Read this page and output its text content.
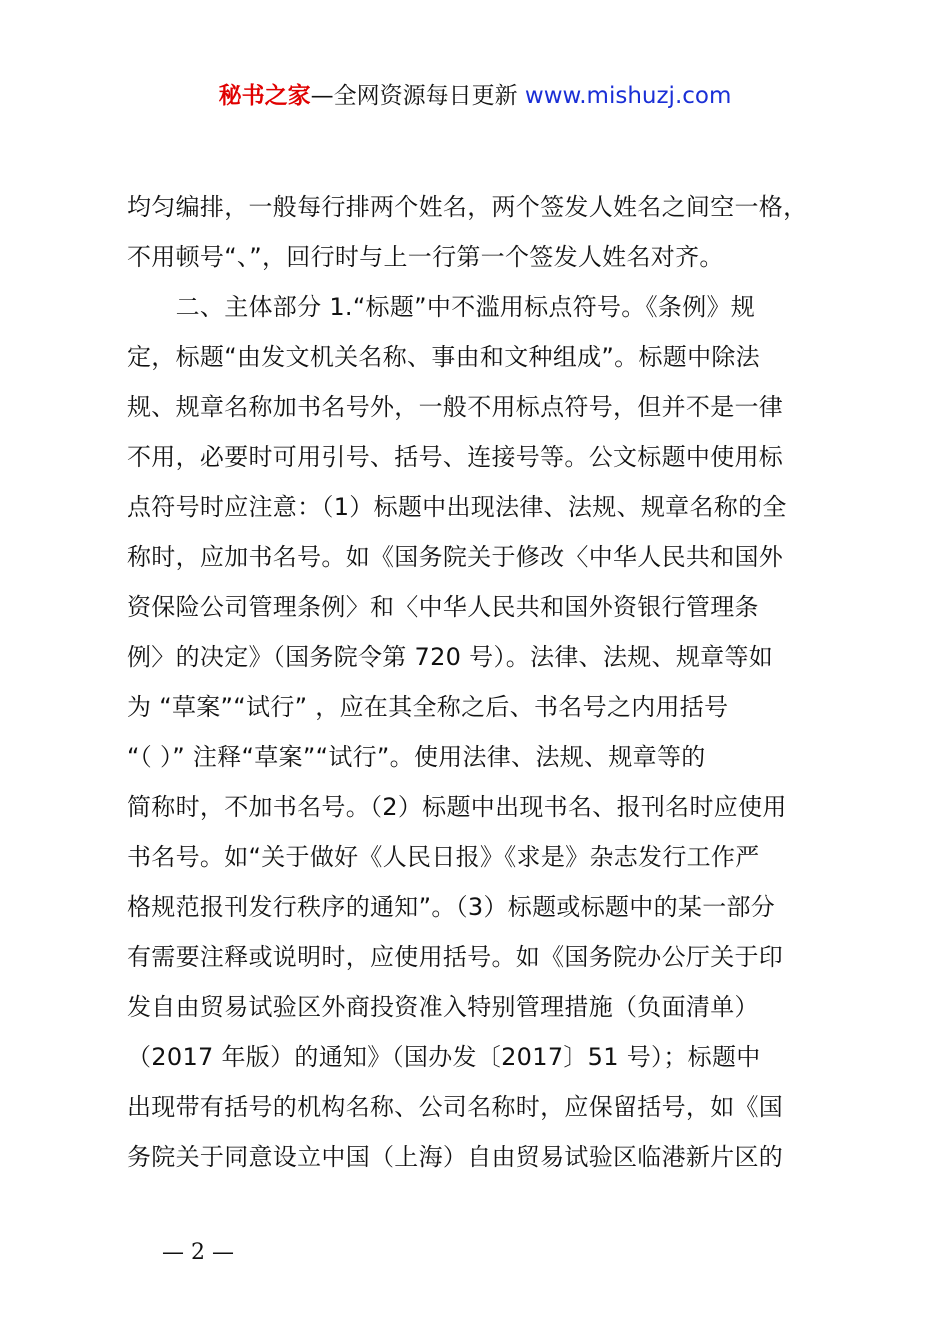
秘书之家—全网资源每日更新 www.mishuzj.com
均匀编排，一般每行排两个姓名，两个签发人姓名之间空一格，
不用顿号“、”，回行时与上一行第一个签发人姓名对齐。
　　二、主体部分 1.“标题”中不滥用标点符号。《条例》规
定，标题“由发文机关名称、事由和文种组成”。标题中除法
规、规章名称加书名号外，一般不用标点符号，但并不是一律
不用，必要时可用引号、括号、连接号等。公文标题中使用标
点符号时应注意：（1）标题中出现法律、法规、规章名称的全
称时，应加书名号。如《国务院关于修改〈中华人民共和国外
资保险公司管理条例〉和〈中华人民共和国外资银行管理条
例〉的决定》（国务院令第 720 号）。法律、法规、规章等如
为 “草案”“试行” ，应在其全称之后、书名号之内用括号
“（ ）” 注释“草案”“试行”。使用法律、法规、规章等的
简称时，不加书名号。（2）标题中出现书名、报刊名时应使用
书名号。如“关于做好《人民日报》《求是》杂志发行工作严
格规范报刊发行秩序的通知”。（3）标题或标题中的某一部分
有需要注释或说明时，应使用括号。如《国务院办公厅关于印
发自由贸易试验区外商投资准入特别管理措施（负面清单）
（2017 年版）的通知》（国办发〔2017〕51 号）；标题中
出现带有括号的机构名称、公司名称时，应保留括号，如《国
务院关于同意设立中国（上海）自由贸易试验区临港新片区的
— 2 —
